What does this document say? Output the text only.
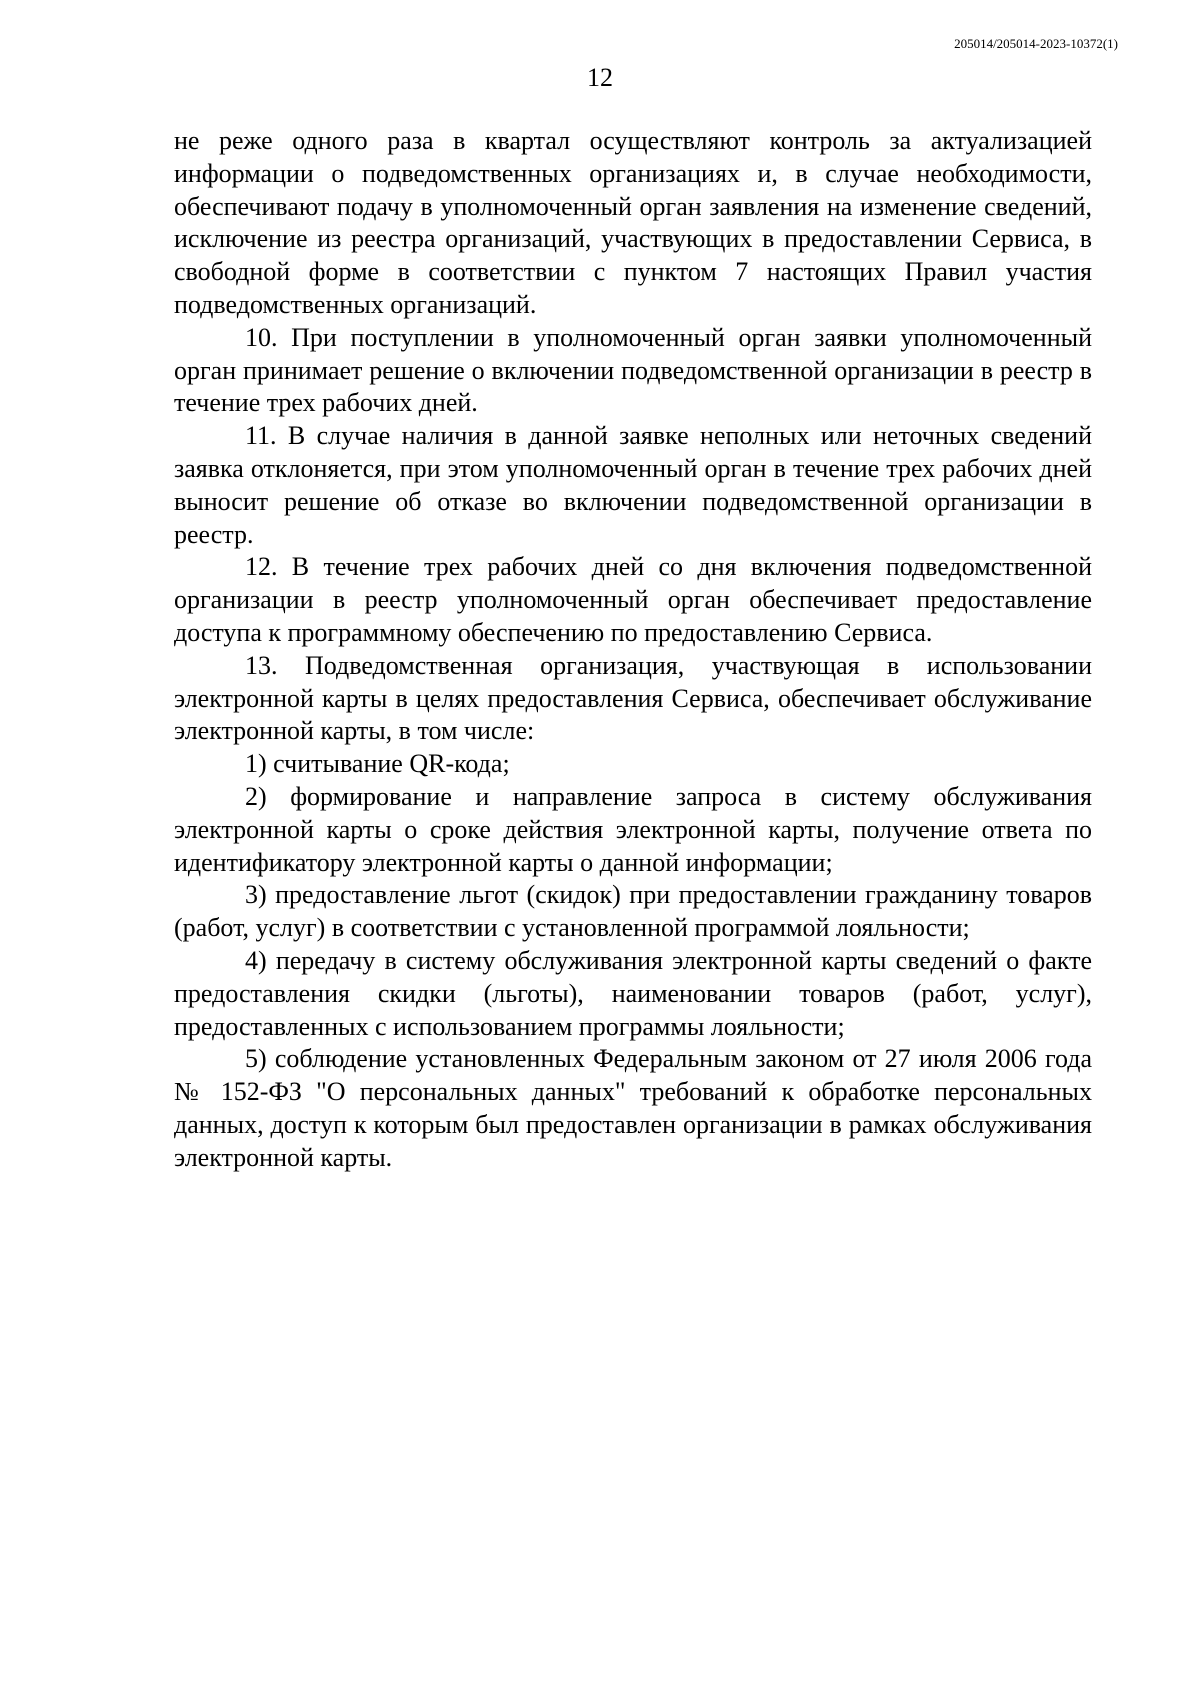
205014/205014-2023-10372(1)
12

не реже одного раза в квартал осуществляют контроль за актуализацией информации о подведомственных организациях и, в случае необходимости, обеспечивают подачу в уполномоченный орган заявления на изменение сведений, исключение из реестра организаций, участвующих в предоставлении Сервиса, в свободной форме в соответствии с пунктом 7 настоящих Правил участия подведомственных организаций.

10. При поступлении в уполномоченный орган заявки уполномоченный орган принимает решение о включении подведомственной организации в реестр в течение трех рабочих дней.

11. В случае наличия в данной заявке неполных или неточных сведений заявка отклоняется, при этом уполномоченный орган в течение трех рабочих дней выносит решение об отказе во включении подведомственной организации в реестр.

12. В течение трех рабочих дней со дня включения подведомственной организации в реестр уполномоченный орган обеспечивает предоставление доступа к программному обеспечению по предоставлению Сервиса.

13. Подведомственная организация, участвующая в использовании электронной карты в целях предоставления Сервиса, обеспечивает обслуживание электронной карты, в том числе:

1) считывание QR-кода;

2) формирование и направление запроса в систему обслуживания электронной карты о сроке действия электронной карты, получение ответа по идентификатору электронной карты о данной информации;

3) предоставление льгот (скидок) при предоставлении гражданину товаров (работ, услуг) в соответствии с установленной программой лояльности;

4) передачу в систему обслуживания электронной карты сведений о факте предоставления скидки (льготы), наименовании товаров (работ, услуг), предоставленных с использованием программы лояльности;

5) соблюдение установленных Федеральным законом от 27 июля 2006 года № 152-ФЗ "О персональных данных" требований к обработке персональных данных, доступ к которым был предоставлен организации в рамках обслуживания электронной карты.
